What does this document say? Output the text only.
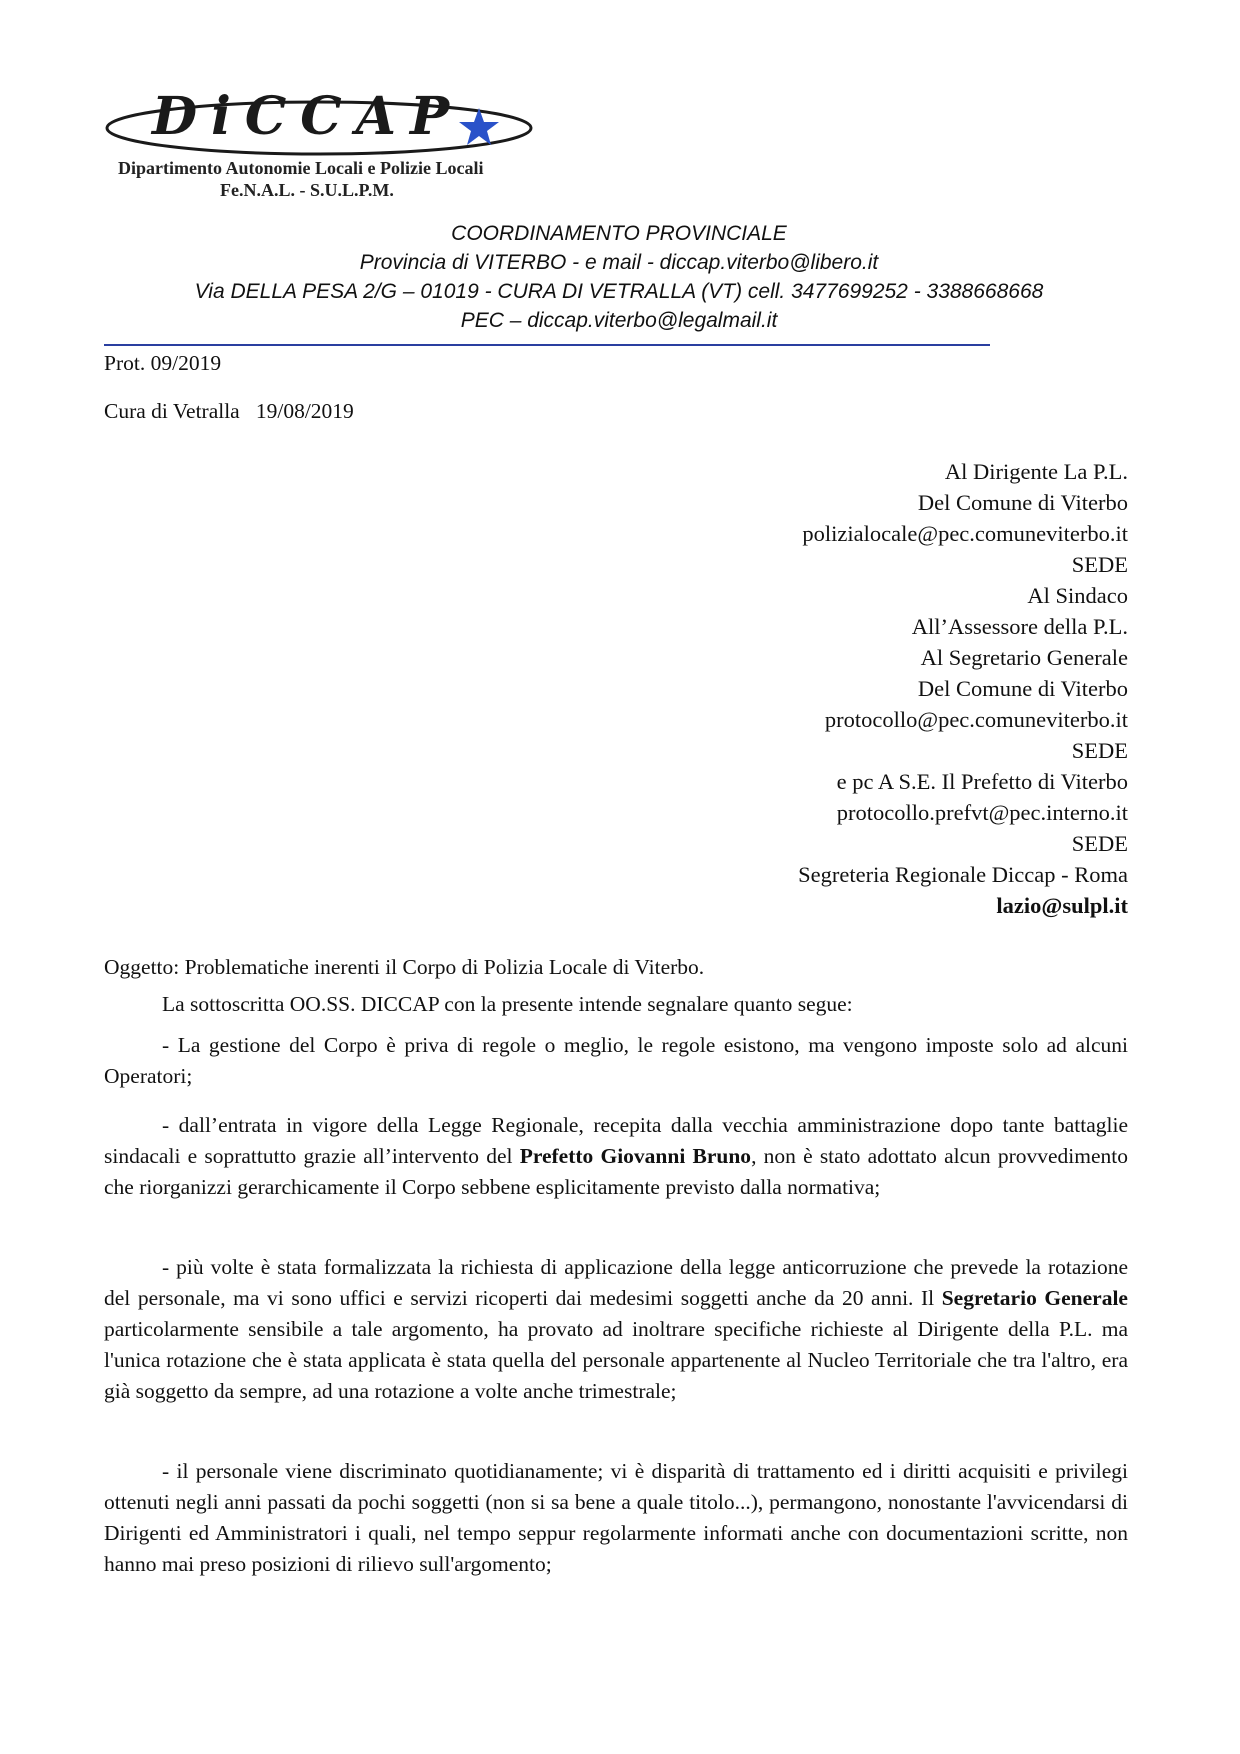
DiCCAP
Dipartimento Autonomie Locali e Polizie Locali
Fe.N.A.L. - S.U.L.P.M.
COORDINAMENTO PROVINCIALE
Provincia di VITERBO - e mail - diccap.viterbo@libero.it
Via DELLA PESA 2/G – 01019 - CURA DI VETRALLA (VT) cell. 3477699252 - 3388668668
PEC – diccap.viterbo@legalmail.it
Prot. 09/2019
Cura di Vetralla   19/08/2019
Al Dirigente La P.L.
Del Comune di Viterbo
polizialocale@pec.comuneviterbo.it
SEDE
Al Sindaco
All’Assessore della P.L.
Al Segretario Generale
Del Comune di Viterbo
protocollo@pec.comuneviterbo.it
SEDE
e pc A S.E. Il Prefetto di Viterbo
protocollo.prefvt@pec.interno.it
SEDE
Segreteria Regionale Diccap - Roma
lazio@sulpl.it
Oggetto: Problematiche inerenti il Corpo di Polizia Locale di Viterbo.
La sottoscritta OO.SS. DICCAP con la presente intende segnalare quanto segue:
- La gestione del Corpo è priva di regole o meglio, le regole esistono, ma vengono imposte solo ad alcuni Operatori;
- dall’entrata in vigore della Legge Regionale, recepita dalla vecchia amministrazione dopo tante battaglie sindacali e soprattutto grazie all’intervento del Prefetto Giovanni Bruno, non è stato adottato alcun provvedimento che riorganizzi gerarchicamente il Corpo sebbene esplicitamente previsto dalla normativa;
- più volte è stata formalizzata la richiesta di applicazione della legge anticorruzione che prevede la rotazione del personale, ma vi sono uffici e servizi ricoperti dai medesimi soggetti anche da 20 anni. Il Segretario Generale particolarmente sensibile a tale argomento, ha provato ad inoltrare specifiche richieste al Dirigente della P.L. ma l'unica rotazione che è stata applicata è stata quella del personale appartenente al Nucleo Territoriale che tra l'altro, era già soggetto da sempre, ad una rotazione a volte anche trimestrale;
- il personale viene discriminato quotidianamente; vi è disparità di trattamento ed i diritti acquisiti e privilegi ottenuti negli anni passati da pochi soggetti (non si sa bene a quale titolo...), permangono, nonostante l'avvicendarsi di Dirigenti ed Amministratori i quali, nel tempo seppur regolarmente informati anche con documentazioni scritte, non hanno mai preso posizioni di rilievo sull'argomento;
